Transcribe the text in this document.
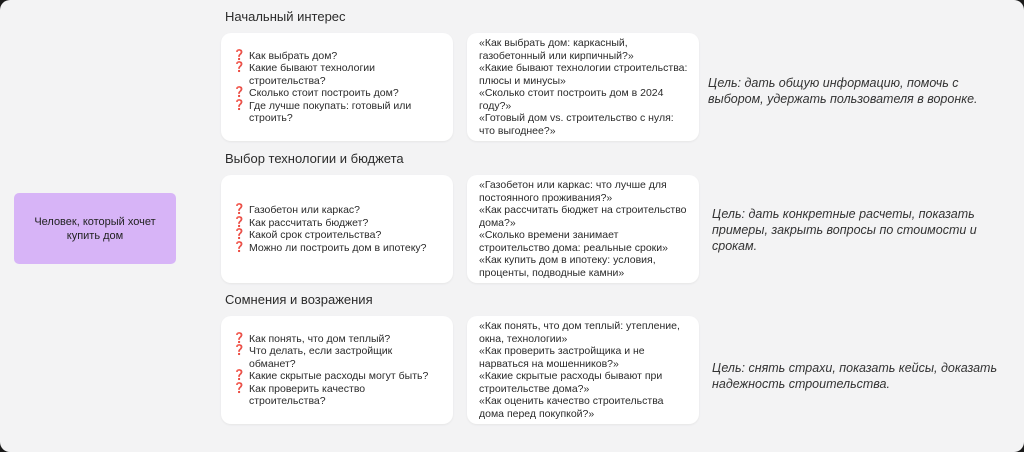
Человек, который хочет купить дом
Начальный интерес
❓ Как выбрать дом?
❓ Какие бывают технологии строительства?
❓ Сколько стоит построить дом?
❓ Где лучше покупать: готовый или строить?
«Как выбрать дом: каркасный, газобетонный или кирпичный?»
«Какие бывают технологии строительства: плюсы и минусы»
«Сколько стоит построить дом в 2024 году?»
«Готовый дом vs. строительство с нуля: что выгоднее?»
Цель: дать общую информацию, помочь с выбором, удержать пользователя в воронке.
Выбор технологии и бюджета
❓ Газобетон или каркас?
❓ Как рассчитать бюджет?
❓ Какой срок строительства?
❓ Можно ли построить дом в ипотеку?
«Газобетон или каркас: что лучше для постоянного проживания?»
«Как рассчитать бюджет на строительство дома?»
«Сколько времени занимает строительство дома: реальные сроки»
«Как купить дом в ипотеку: условия, проценты, подводные камни»
Цель: дать конкретные расчеты, показать примеры, закрыть вопросы по стоимости и срокам.
Сомнения и возражения
❓ Как понять, что дом теплый?
❓ Что делать, если застройщик обманет?
❓ Какие скрытые расходы могут быть?
❓ Как проверить качество строительства?
«Как понять, что дом теплый: утепление, окна, технологии»
«Как проверить застройщика и не нарваться на мошенников?»
«Какие скрытые расходы бывают при строительстве дома?»
«Как оценить качество строительства дома перед покупкой?»
Цель: снять страхи, показать кейсы, доказать надежность строительства.
